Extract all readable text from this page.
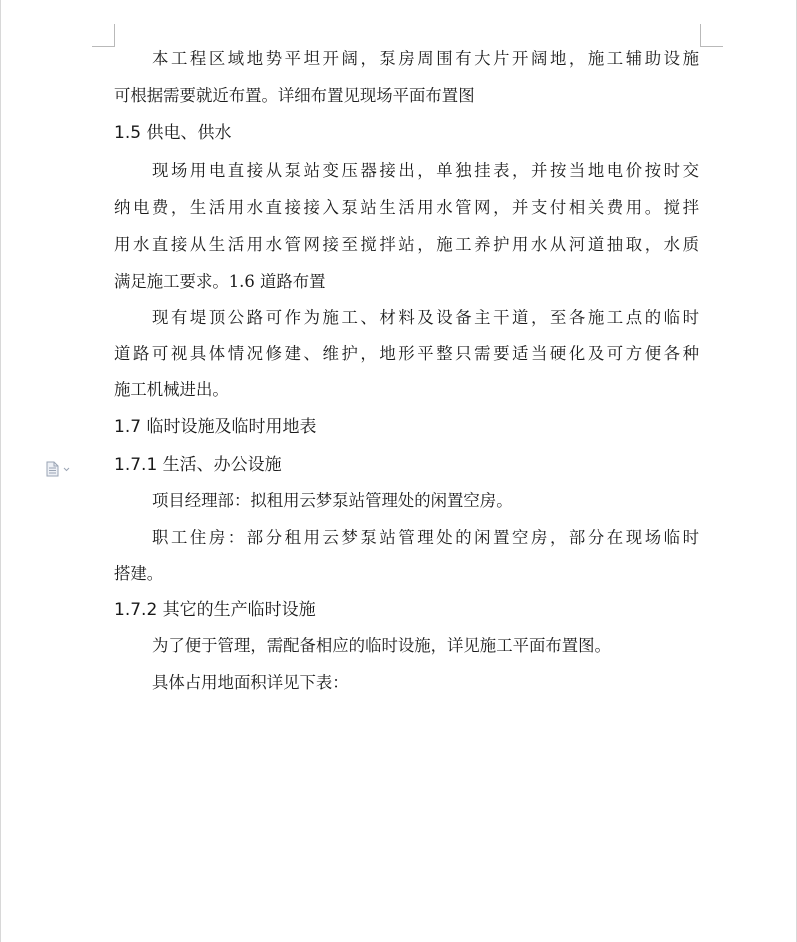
本工程区域地势平坦开阔，泵房周围有大片开阔地，施工辅助设施
可根据需要就近布置。详细布置见现场平面布置图
1.5 供电、供水
现场用电直接从泵站变压器接出，单独挂表，并按当地电价按时交
纳电费，生活用水直接接入泵站生活用水管网，并支付相关费用。搅拌
用水直接从生活用水管网接至搅拌站，施工养护用水从河道抽取，水质
满足施工要求。1.6 道路布置
现有堤顶公路可作为施工、材料及设备主干道，至各施工点的临时
道路可视具体情况修建、维护，地形平整只需要适当硬化及可方便各种
施工机械进出。
1.7 临时设施及临时用地表
1.7.1 生活、办公设施
项目经理部：拟租用云梦泵站管理处的闲置空房。
职工住房：部分租用云梦泵站管理处的闲置空房，部分在现场临时
搭建。
1.7.2 其它的生产临时设施
为了便于管理，需配备相应的临时设施，详见施工平面布置图。
具体占用地面积详见下表：
